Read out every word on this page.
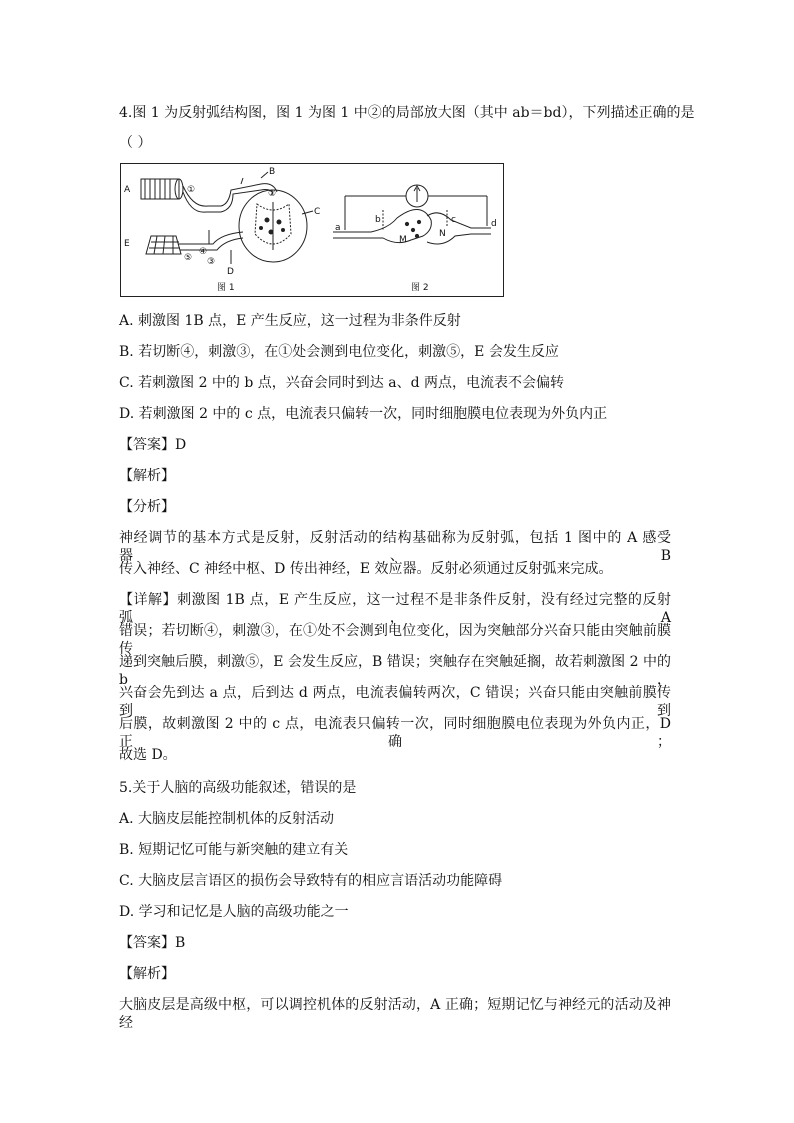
4.图 1 为反射弧结构图，图 1 为图 1 中②的局部放大图（其中 ab＝bd），下列描述正确的是
（ ）
A
B
C
D
E
①	②
③
④
⑤
图 1
a
b	c	d
M
N
图 2
A. 刺激图 1B 点，E 产生反应，这一过程为非条件反射
B. 若切断④，刺激③，在①处会测到电位变化，刺激⑤，E 会发生反应
C. 若刺激图 2 中的 b 点，兴奋会同时到达 a、d 两点，电流表不会偏转
D. 若刺激图 2 中的 c 点，电流表只偏转一次，同时细胞膜电位表现为外负内正
【答案】D
【解析】
【分析】
神经调节的基本方式是反射，反射活动的结构基础称为反射弧，包括 1 图中的 A 感受器、B
传入神经、C 神经中枢、D 传出神经，E 效应器。反射必须通过反射弧来完成。
【详解】刺激图 1B 点，E 产生反应，这一过程不是非条件反射，没有经过完整的反射弧，A
错误；若切断④，刺激③，在①处不会测到电位变化，因为突触部分兴奋只能由突触前膜传
递到突触后膜，刺激⑤，E 会发生反应，B 错误；突触存在突触延搁，故若刺激图 2 中的 b，
兴奋会先到达 a 点，后到达 d 两点，电流表偏转两次，C 错误；兴奋只能由突触前膜传到到
后膜，故刺激图 2 中的 c 点，电流表只偏转一次，同时细胞膜电位表现为外负内正，D 正确；
故选 D。
5.关于人脑的高级功能叙述，错误的是
A. 大脑皮层能控制机体的反射活动
B. 短期记忆可能与新突触的建立有关
C. 大脑皮层言语区的损伤会导致特有的相应言语活动功能障碍
D. 学习和记忆是人脑的高级功能之一
【答案】B
【解析】
大脑皮层是高级中枢，可以调控机体的反射活动，A 正确；短期记忆与神经元的活动及神经
